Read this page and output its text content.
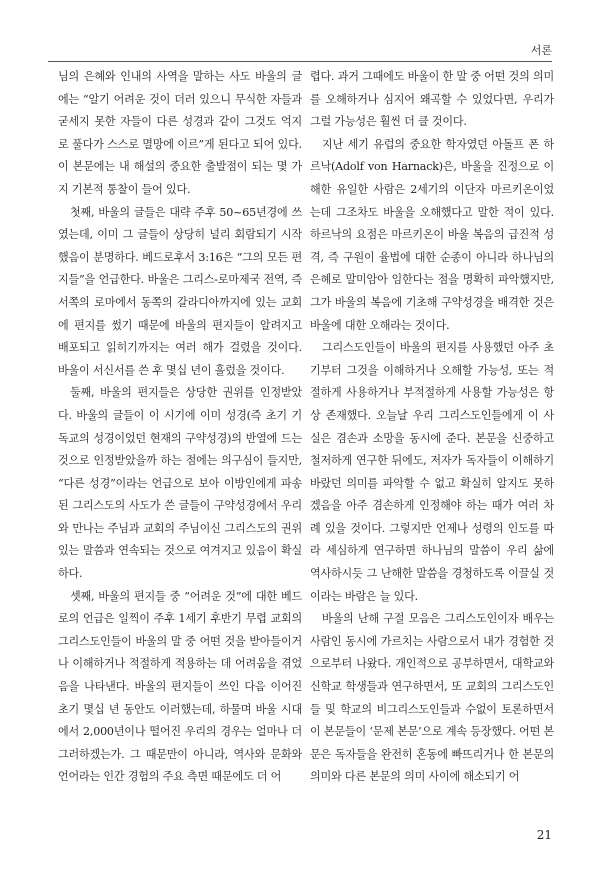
서론

님의 은혜와 인내의 사역을 말하는 사도 바울의 글에는 “알기 어려운 것이 더러 있으니 무식한 자들과 굳세지 못한 자들이 다른 성경과 같이 그것도 억지로 풀다가 스스로 멸망에 이르”게 된다고 되어 있다. 이 본문에는 내 해설의 중요한 출발점이 되는 몇 가지 기본적 통찰이 들어 있다.

첫째, 바울의 글들은 대략 주후 50~65년경에 쓰였는데, 이미 그 글들이 상당히 널리 회람되기 시작했음이 분명하다. 베드로후서 3:16은 “그의 모든 편지들”을 언급한다. 바울은 그리스-로마제국 전역, 즉 서쪽의 로마에서 동쪽의 갈라디아까지에 있는 교회에 편지를 썼기 때문에 바울의 편지들이 알려지고 배포되고 읽히기까지는 여러 해가 걸렸을 것이다. 바울이 서신서를 쓴 후 몇십 년이 흘렀을 것이다.

둘째, 바울의 편지들은 상당한 권위를 인정받았다. 바울의 글들이 이 시기에 이미 성경(즉 초기 기독교의 성경이었던 현재의 구약성경)의 반열에 드는 것으로 인정받았을까 하는 점에는 의구심이 들지만, “다른 성경”이라는 언급으로 보아 이방인에게 파송된 그리스도의 사도가 쓴 글들이 구약성경에서 우리와 만나는 주님과 교회의 주님이신 그리스도의 권위 있는 말씀과 연속되는 것으로 여겨지고 있음이 확실하다.

셋째, 바울의 편지들 중 “어려운 것”에 대한 베드로의 언급은 일찍이 주후 1세기 후반기 무렵 교회의 그리스도인들이 바울의 말 중 어떤 것을 받아들이거나 이해하거나 적절하게 적용하는 데 어려움을 겪었음을 나타낸다. 바울의 편지들이 쓰인 다음 이어진 초기 몇십 년 동안도 이러했는데, 하물며 바울 시대에서 2,000년이나 떨어진 우리의 경우는 얼마나 더 그러하겠는가. 그 때문만이 아니라, 역사와 문화와 언어라는 인간 경험의 주요 측면 때문에도 더 어

렵다. 과거 그때에도 바울이 한 말 중 어떤 것의 의미를 오해하거나 심지어 왜곡할 수 있었다면, 우리가 그럴 가능성은 훨씬 더 클 것이다.

지난 세기 유럽의 중요한 학자였던 아돌프 폰 하르낙(Adolf von Harnack)은, 바울을 진정으로 이해한 유일한 사람은 2세기의 이단자 마르키온이었는데 그조차도 바울을 오해했다고 말한 적이 있다. 하르낙의 요점은 마르키온이 바울 복음의 급진적 성격, 즉 구원이 율법에 대한 순종이 아니라 하나님의 은혜로 말미암아 임한다는 점을 명확히 파악했지만, 그가 바울의 복음에 기초해 구약성경을 배격한 것은 바울에 대한 오해라는 것이다.

그리스도인들이 바울의 편지를 사용했던 아주 초기부터 그것을 이해하거나 오해할 가능성, 또는 적절하게 사용하거나 부적절하게 사용할 가능성은 항상 존재했다. 오늘날 우리 그리스도인들에게 이 사실은 겸손과 소망을 동시에 준다. 본문을 신중하고 철저하게 연구한 뒤에도, 저자가 독자들이 이해하기 바랐던 의미를 파악할 수 없고 확실히 알지도 못하겠음을 아주 겸손하게 인정해야 하는 때가 여러 차례 있을 것이다. 그렇지만 언제나 성령의 인도를 따라 세심하게 연구하면 하나님의 말씀이 우리 삶에 역사하시듯 그 난해한 말씀을 경청하도록 이끌실 것이라는 바람은 늘 있다.

바울의 난해 구절 모음은 그리스도인이자 배우는 사람인 동시에 가르치는 사람으로서 내가 경험한 것으로부터 나왔다. 개인적으로 공부하면서, 대학교와 신학교 학생들과 연구하면서, 또 교회의 그리스도인들 및 학교의 비그리스도인들과 수없이 토론하면서 이 본문들이 ‘문제 본문’으로 계속 등장했다. 어떤 본문은 독자들을 완전히 혼동에 빠뜨리거나 한 본문의 의미와 다른 본문의 의미 사이에 해소되기 어

21
